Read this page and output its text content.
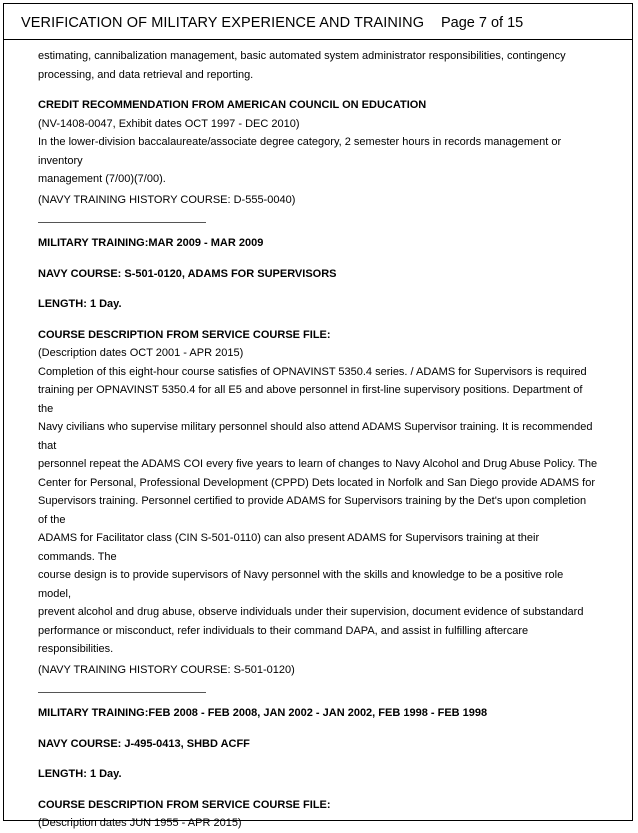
VERIFICATION OF MILITARY EXPERIENCE AND TRAINING Page 7 of 15

estimating, cannibalization management, basic automated system administrator responsibilities, contingency

processing, and data retrieval and reporting.

CREDIT RECOMMENDATION FROM AMERICAN COUNCIL ON EDUCATION

(NV-1408-0047, Exhibit dates OCT 1997 - DEC 2010)

In the lower-division baccalaureate/associate degree category, 2 semester hours in records management or inventory

management (7/00)(7/00).

(NAVY TRAINING HISTORY COURSE: D-555-0040)

MILITARY TRAINING:MAR 2009 - MAR 2009

NAVY COURSE: S-501-0120, ADAMS FOR SUPERVISORS

LENGTH: 1 Day.

COURSE DESCRIPTION FROM SERVICE COURSE FILE:

(Description dates OCT 2001 - APR 2015)

Completion of this eight-hour course satisfies of OPNAVINST 5350.4 series. / ADAMS for Supervisors is required

training per OPNAVINST 5350.4 for all E5 and above personnel in first-line supervisory positions. Department of the

Navy civilians who supervise military personnel should also attend ADAMS Supervisor training. It is recommended that

personnel repeat the ADAMS COI every five years to learn of changes to Navy Alcohol and Drug Abuse Policy. The

Center for Personal, Professional Development (CPPD) Dets located in Norfolk and San Diego provide ADAMS for

Supervisors training. Personnel certified to provide ADAMS for Supervisors training by the Det's upon completion of the

ADAMS for Facilitator class (CIN S-501-0110) can also present ADAMS for Supervisors training at their commands. The

course design is to provide supervisors of Navy personnel with the skills and knowledge to be a positive role model,

prevent alcohol and drug abuse, observe individuals under their supervision, document evidence of substandard

performance or misconduct, refer individuals to their command DAPA, and assist in fulfilling aftercare responsibilities.

(NAVY TRAINING HISTORY COURSE: S-501-0120)

MILITARY TRAINING:FEB 2008 - FEB 2008, JAN 2002 - JAN 2002, FEB 1998 - FEB 1998

NAVY COURSE: J-495-0413, SHBD ACFF

LENGTH: 1 Day.

COURSE DESCRIPTION FROM SERVICE COURSE FILE:

(Description dates JUN 1955 - APR 2015)
